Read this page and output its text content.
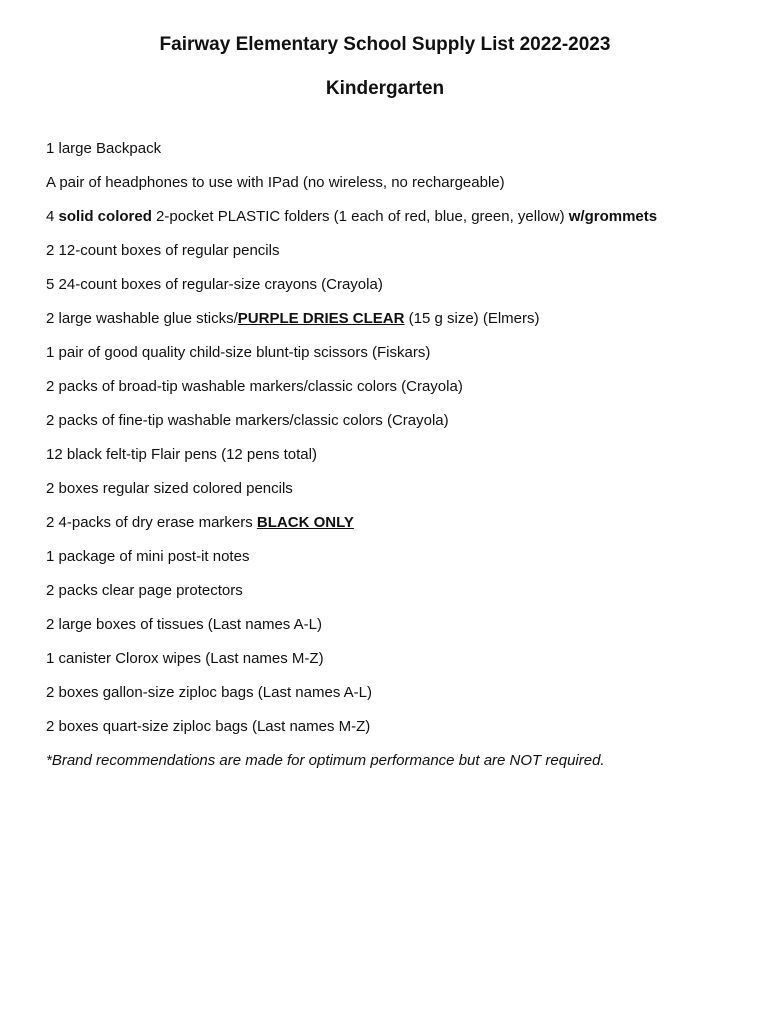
Fairway Elementary School Supply List 2022-2023
Kindergarten
1 large Backpack
A pair of headphones to use with IPad (no wireless, no rechargeable)
4 solid colored 2-pocket PLASTIC folders (1 each of red, blue, green, yellow) w/grommets
2 12-count boxes of regular pencils
5 24-count boxes of regular-size crayons (Crayola)
2 large washable glue sticks/PURPLE DRIES CLEAR (15 g size) (Elmers)
1 pair of good quality child-size blunt-tip scissors (Fiskars)
2 packs of broad-tip washable markers/classic colors (Crayola)
2 packs of fine-tip washable markers/classic colors (Crayola)
12 black felt-tip Flair pens (12 pens total)
2 boxes regular sized colored pencils
2 4-packs of dry erase markers BLACK ONLY
1 package of mini post-it notes
2 packs clear page protectors
2 large boxes of tissues (Last names A-L)
1 canister Clorox wipes (Last names M-Z)
2 boxes gallon-size ziploc bags (Last names A-L)
2 boxes quart-size ziploc bags (Last names M-Z)
*Brand recommendations are made for optimum performance but are NOT required.
